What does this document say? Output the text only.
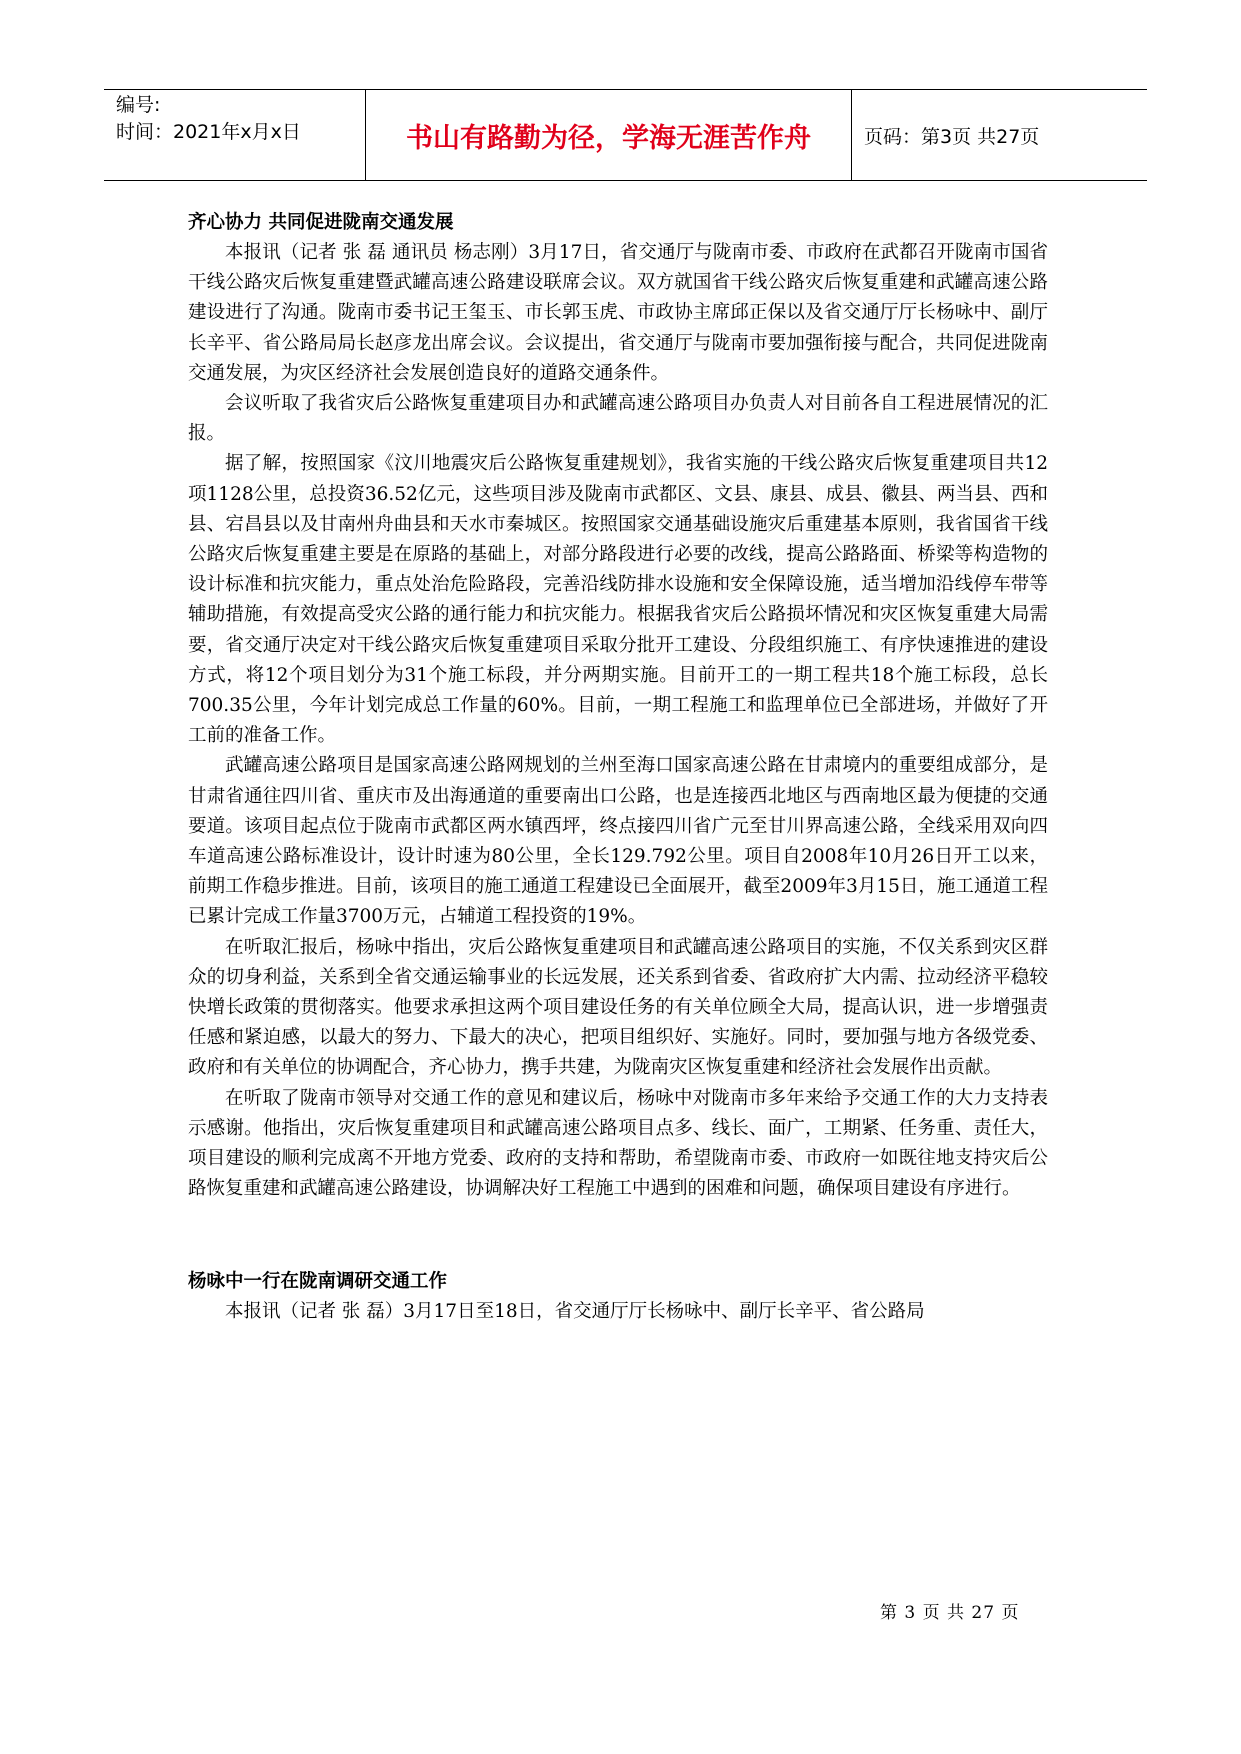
编号:
时间：2021年x月x日	书山有路勤为径，学海无涯苦作舟	页码：第3页 共27页
齐心协力 共同促进陇南交通发展

本报讯（记者 张 磊 通讯员 杨志刚）3月17日，省交通厅与陇南市委、市政府在武都召开陇南市国省干线公路灾后恢复重建暨武罐高速公路建设联席会议。双方就国省干线公路灾后恢复重建和武罐高速公路建设进行了沟通。陇南市委书记王玺玉、市长郭玉虎、市政协主席邱正保以及省交通厅厅长杨咏中、副厅长辛平、省公路局局长赵彦龙出席会议。会议提出，省交通厅与陇南市要加强衔接与配合，共同促进陇南交通发展，为灾区经济社会发展创造良好的道路交通条件。

会议听取了我省灾后公路恢复重建项目办和武罐高速公路项目办负责人对目前各自工程进展情况的汇报。

据了解，按照国家《汶川地震灾后公路恢复重建规划》，我省实施的干线公路灾后恢复重建项目共12项1128公里，总投资36.52亿元，这些项目涉及陇南市武都区、文县、康县、成县、徽县、两当县、西和县、宕昌县以及甘南州舟曲县和天水市秦城区。按照国家交通基础设施灾后重建基本原则，我省国省干线公路灾后恢复重建主要是在原路的基础上，对部分路段进行必要的改线，提高公路路面、桥梁等构造物的设计标准和抗灾能力，重点处治危险路段，完善沿线防排水设施和安全保障设施，适当增加沿线停车带等辅助措施，有效提高受灾公路的通行能力和抗灾能力。根据我省灾后公路损坏情况和灾区恢复重建大局需要，省交通厅决定对干线公路灾后恢复重建项目采取分批开工建设、分段组织施工、有序快速推进的建设方式，将12个项目划分为31个施工标段，并分两期实施。目前开工的一期工程共18个施工标段，总长700.35公里，今年计划完成总工作量的60%。目前，一期工程施工和监理单位已全部进场，并做好了开工前的准备工作。

武罐高速公路项目是国家高速公路网规划的兰州至海口国家高速公路在甘肃境内的重要组成部分，是甘肃省通往四川省、重庆市及出海通道的重要南出口公路，也是连接西北地区与西南地区最为便捷的交通要道。该项目起点位于陇南市武都区两水镇西坪，终点接四川省广元至甘川界高速公路，全线采用双向四车道高速公路标准设计，设计时速为80公里，全长129.792公里。项目自2008年10月26日开工以来，前期工作稳步推进。目前，该项目的施工通道工程建设已全面展开，截至2009年3月15日，施工通道工程已累计完成工作量3700万元，占辅道工程投资的19%。

在听取汇报后，杨咏中指出，灾后公路恢复重建项目和武罐高速公路项目的实施，不仅关系到灾区群众的切身利益，关系到全省交通运输事业的长远发展，还关系到省委、省政府扩大内需、拉动经济平稳较快增长政策的贯彻落实。他要求承担这两个项目建设任务的有关单位顾全大局，提高认识，进一步增强责任感和紧迫感，以最大的努力、下最大的决心，把项目组织好、实施好。同时，要加强与地方各级党委、政府和有关单位的协调配合，齐心协力，携手共建，为陇南灾区恢复重建和经济社会发展作出贡献。

在听取了陇南市领导对交通工作的意见和建议后，杨咏中对陇南市多年来给予交通工作的大力支持表示感谢。他指出，灾后恢复重建项目和武罐高速公路项目点多、线长、面广，工期紧、任务重、责任大，项目建设的顺利完成离不开地方党委、政府的支持和帮助，希望陇南市委、市政府一如既往地支持灾后公路恢复重建和武罐高速公路建设，协调解决好工程施工中遇到的困难和问题，确保项目建设有序进行。

杨咏中一行在陇南调研交通工作

本报讯（记者 张 磊）3月17日至18日，省交通厅厅长杨咏中、副厅长辛平、省公路局

第 3 页 共 27 页
